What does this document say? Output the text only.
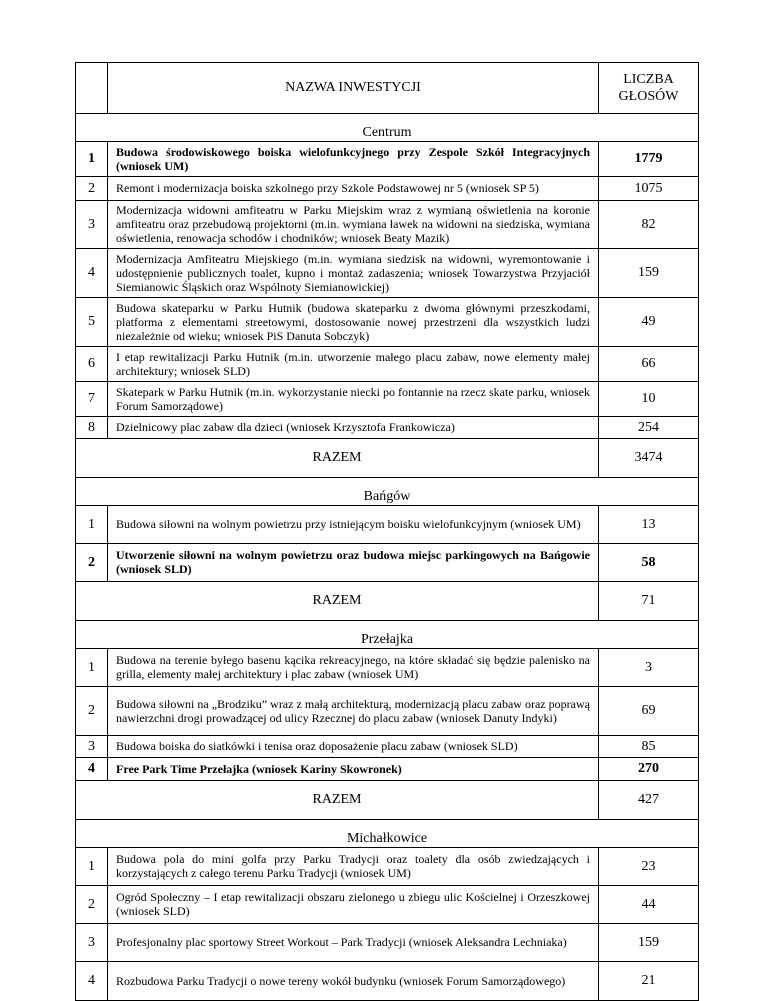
	NAZWA INWESTYCJI	LICZBA GŁOSÓW
Centrum		
1	Budowa środowiskowego boiska wielofunkcyjnego przy Zespole Szkół Integracyjnych (wniosek UM)	1779
2	Remont i modernizacja boiska szkolnego przy Szkole Podstawowej nr 5 (wniosek SP 5)	1075
3	Modernizacja widowni amfiteatru w Parku Miejskim wraz z wymianą oświetlenia na koronie amfiteatru oraz przebudową projektorni (m.in. wymiana ławek na widowni na siedziska, wymiana oświetlenia, renowacja schodów i chodników; wniosek Beaty Mazik)	82
4	Modernizacja Amfiteatru Miejskiego (m.in. wymiana siedzisk na widowni, wyremontowanie i udostępnienie publicznych toalet, kupno i montaż zadaszenia; wniosek Towarzystwa Przyjaciół Siemianowic Śląskich oraz Wspólnoty Siemianowickiej)	159
5	Budowa skateparku w Parku Hutnik (budowa skateparku z dwoma głównymi przeszkodami, platforma z elementami streetowymi, dostosowanie nowej przestrzeni dla wszystkich ludzi niezależnie od wieku; wniosek PiS Danuta Sobczyk)	49
6	I etap rewitalizacji Parku Hutnik (m.in. utworzenie małego placu zabaw, nowe elementy małej architektury; wniosek SLD)	66
7	Skatepark w Parku Hutnik (m.in. wykorzystanie niecki po fontannie na rzecz skate parku, wniosek Forum Samorządowe)	10
8	Dzielnicowy plac zabaw dla dzieci (wniosek Krzysztofa Frankowicza)	254
RAZEM		3474
Bańgów		
1	Budowa siłowni na wolnym powietrzu przy istniejącym boisku wielofunkcyjnym (wniosek UM)	13
2	Utworzenie siłowni na wolnym powietrzu oraz budowa miejsc parkingowych na Bańgowie (wniosek SLD)	58
RAZEM		71
Przełajka		
1	Budowa na terenie byłego basenu kącika rekreacyjnego, na które składać się będzie palenisko na grilla, elementy małej architektury i plac zabaw (wniosek UM)	3
2	Budowa siłowni na „Brodziku” wraz z małą architekturą, modernizacją placu zabaw oraz poprawą nawierzchni drogi prowadzącej od ulicy Rzecznej do placu zabaw (wniosek Danuty Indyki)	69
3	Budowa boiska do siatkówki i tenisa oraz doposażenie placu zabaw (wniosek SLD)	85
4	Free Park Time Przełajka (wniosek Kariny Skowronek)	270
RAZEM		427
Michałkowice		
1	Budowa pola do mini golfa przy Parku Tradycji oraz toalety dla osób zwiedzających i korzystających z całego terenu Parku Tradycji (wniosek UM)	23
2	Ogród Społeczny – I etap rewitalizacji obszaru zielonego u zbiegu ulic Kościelnej i Orzeszkowej (wniosek SLD)	44
3	Profesjonalny plac sportowy Street Workout – Park Tradycji (wniosek Aleksandra Lechniaka)	159
4	Rozbudowa Parku Tradycji o nowe tereny wokół budynku (wniosek Forum Samorządowego)	21
